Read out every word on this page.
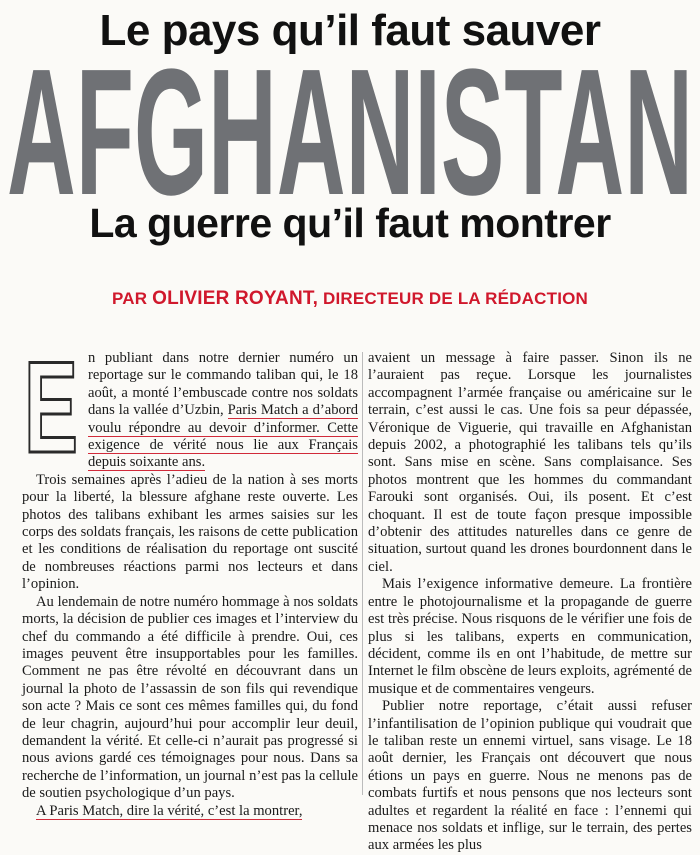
Le pays qu’il faut sauver
AFGHANISTAN
La guerre qu’il faut montrer
PAR OLIVIER ROYANT, DIRECTEUR DE LA RÉDACTION
E n publiant dans notre dernier numéro un reportage sur le commando taliban qui, le 18 août, a monté l’embuscade contre nos soldats dans la vallée d’Uzbin, Paris Match a d’abord voulu répondre au devoir d’informer. Cette exigence de vérité nous lie aux Français depuis soixante ans.

Trois semaines après l’adieu de la nation à ses morts pour la liberté, la blessure afghane reste ouverte. Les photos des talibans exhibant les armes saisies sur les corps des soldats français, les raisons de cette publication et les conditions de réalisation du reportage ont suscité de nombreuses réactions parmi nos lecteurs et dans l’opinion.

Au lendemain de notre numéro hommage à nos soldats morts, la décision de publier ces images et l’interview du chef du commando a été difficile à prendre. Oui, ces images peuvent être insupportables pour les familles. Comment ne pas être révolté en découvrant dans un journal la photo de l’assassin de son fils qui revendique son acte ? Mais ce sont ces mêmes familles qui, du fond de leur chagrin, aujourd’hui pour accomplir leur deuil, demandent la vérité. Et celle-ci n’aurait pas progressé si nous avions gardé ces témoignages pour nous. Dans sa recherche de l’information, un journal n’est pas la cellule de soutien psychologique d’un pays.

A Paris Match, dire la vérité, c’est la montrer,

avaient un message à faire passer. Sinon ils ne l’auraient pas reçue. Lorsque les journalistes accompagnent l’armée française ou américaine sur le terrain, c’est aussi le cas. Une fois sa peur dépassée, Véronique de Viguerie, qui travaille en Afghanistan depuis 2002, a photographié les talibans tels qu’ils sont. Sans mise en scène. Sans complaisance. Ses photos montrent que les hommes du commandant Farouki sont organisés. Oui, ils posent. Et c’est choquant. Il est de toute façon presque impossible d’obtenir des attitudes naturelles dans ce genre de situation, surtout quand les drones bourdonnent dans le ciel.

Mais l’exigence informative demeure. La frontière entre le photojournalisme et la propagande de guerre est très précise. Nous risquons de le vérifier une fois de plus si les talibans, experts en communication, décident, comme ils en ont l’habitude, de mettre sur Internet le film obscène de leurs exploits, agrémenté de musique et de commentaires vengeurs.

Publier notre reportage, c’était aussi refuser l’infantilisation de l’opinion publique qui voudrait que le taliban reste un ennemi virtuel, sans visage. Le 18 août dernier, les Français ont découvert que nous étions un pays en guerre. Nous ne menons pas de combats furtifs et nous pensons que nos lecteurs sont adultes et regardent la réalité en face : l’ennemi qui menace nos soldats et inflige, sur le terrain, des pertes aux armées les plus
